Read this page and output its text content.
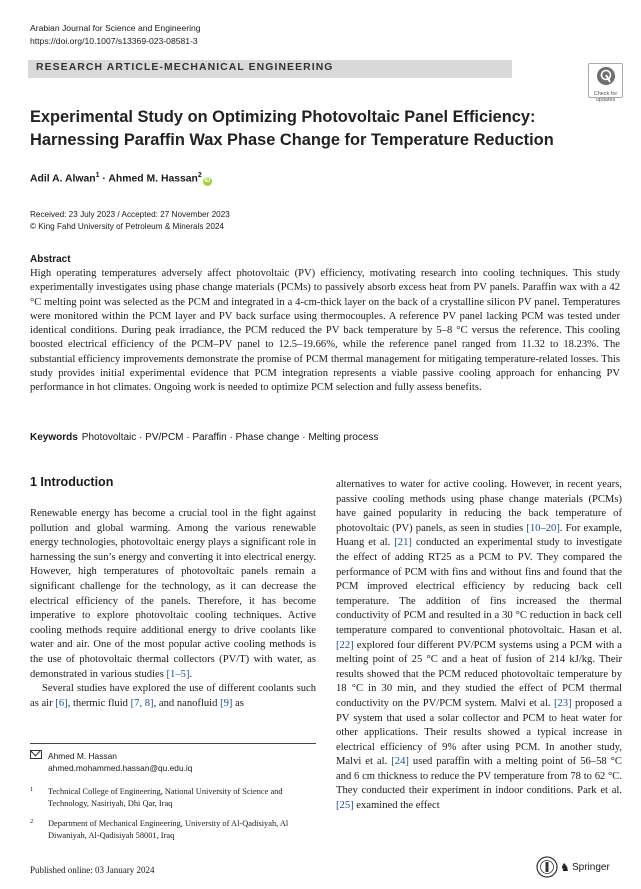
Arabian Journal for Science and Engineering
https://doi.org/10.1007/s13369-023-08581-3
RESEARCH ARTICLE-MECHANICAL ENGINEERING
Check for
updates
Experimental Study on Optimizing Photovoltaic Panel Efficiency: Harnessing Paraffin Wax Phase Change for Temperature Reduction
Adil A. Alwan$^1$ · Ahmed M. Hassan$^2$iD
Received: 23 July 2023 / Accepted: 27 November 2023
© King Fahd University of Petroleum & Minerals 2024
Abstract
High operating temperatures adversely affect photovoltaic (PV) efficiency, motivating research into cooling techniques. This study experimentally investigates using phase change materials (PCMs) to passively absorb excess heat from PV panels. Paraffin wax with a 42 °C melting point was selected as the PCM and integrated in a 4-cm-thick layer on the back of a crystalline silicon PV panel. Temperatures were monitored within the PCM layer and PV back surface using thermocouples. A reference PV panel lacking PCM was tested under identical conditions. During peak irradiance, the PCM reduced the PV back temperature by 5–8 °C versus the reference. This cooling boosted electrical efficiency of the PCM–PV panel to 12.5–19.66%, while the reference panel ranged from 11.32 to 18.23%. The substantial efficiency improvements demonstrate the promise of PCM thermal management for mitigating temperature-related losses. This study provides initial experimental evidence that PCM integration represents a viable passive cooling approach for enhancing PV performance in hot climates. Ongoing work is needed to optimize PCM selection and fully assess benefits.
Keywords Photovoltaic · PV/PCM · Paraffin · Phase change · Melting process
1 Introduction

Renewable energy has become a crucial tool in the fight against pollution and global warming. Among the various renewable energy technologies, photovoltaic energy plays a significant role in harnessing the sun’s energy and converting it into electrical energy. However, high temperatures of photovoltaic panels remain a significant challenge for the technology, as it can decrease the electrical efficiency of the panels. Therefore, it has become imperative to explore photovoltaic cooling techniques. Active cooling methods require additional energy to drive coolants like water and air. One of the most popular active cooling methods is the use of photovoltaic thermal collectors (PV/T) with water, as demonstrated in various studies [1–5].

Several studies have explored the use of different coolants such as air [6], thermic fluid [7, 8], and nanofluid [9] as

alternatives to water for active cooling. However, in recent years, passive cooling methods using phase change materials (PCMs) have gained popularity in reducing the back temperature of photovoltaic (PV) panels, as seen in studies [10–20]. For example, Huang et al. [21] conducted an experimental study to investigate the effect of adding RT25 as a PCM to PV. They compared the performance of PCM with fins and without fins and found that the PCM improved electrical efficiency by reducing back cell temperature. The addition of fins increased the thermal conductivity of PCM and resulted in a 30 °C reduction in back cell temperature compared to conventional photovoltaic. Hasan et al. [22] explored four different PV/PCM systems using a PCM with a melting point of 25 °C and a heat of fusion of 214 kJ/kg. Their results showed that the PCM reduced photovoltaic temperature by 18 °C in 30 min, and they studied the effect of PCM thermal conductivity on the PV/PCM system. Malvi et al. [23] proposed a PV system that used a solar collector and PCM to heat water for other applications. Their results showed a typical increase in electrical efficiency of 9% after using PCM. In another study, Malvi et al. [24] used paraffin with a melting point of 56–58 °C and 6 cm thickness to reduce the PV temperature from 78 to 62 °C. They conducted their experiment in indoor conditions. Park et al. [25] examined the effect

Ahmed M. Hassan
ahmed.mohammed.hassan@qu.edu.iq
1	Technical College of Engineering, National University of Science and Technology, Nasiriyah, Dhi Qar, Iraq
2	Department of Mechanical Engineering, University of Al-Qadisiyah, Al Diwaniyah, Al-Qadisiyah 58001, Iraq
Published online: 03 January 2024	♞ Springer
